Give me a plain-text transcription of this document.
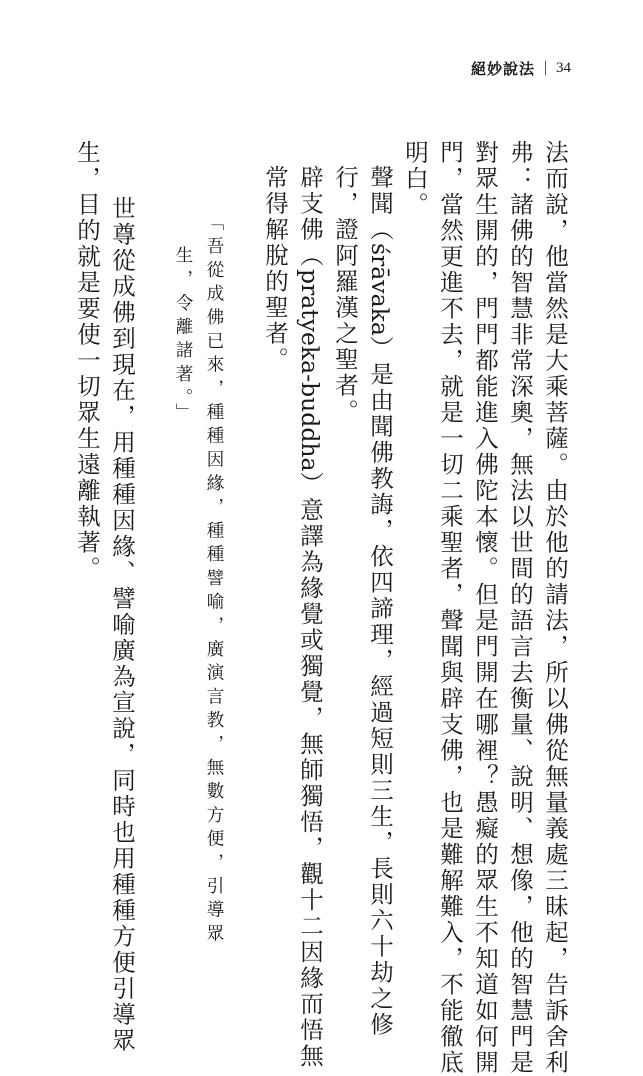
絕妙說法 34
法而說，他當然是大乘菩薩。由於他的請法，所以佛從無量義處三昧起，告訴舍利
弗：諸佛的智慧非常深奧，無法以世間的語言去衡量、說明、想像，他的智慧門是
對眾生開的，門門都能進入佛陀本懷。但是門開在哪裡？愚癡的眾生不知道如何開
門，當然更進不去，就是一切二乘聖者，聲聞與辟支佛，也是難解難入，不能徹底
明白。
聲聞（śrāvaka）是由聞佛教誨，依四諦理，經過短則三生，長則六十劫之修
行，證阿羅漢之聖者。
辟支佛（pratyeka-buddha）意譯為緣覺或獨覺，無師獨悟，觀十二因緣而悟無
常得解脫的聖者。
「吾從成佛已來，種種因緣，種種譬喻，廣演言教，無數方便，引導眾
生，令離諸著。」
世尊從成佛到現在，用種種因緣、譬喻廣為宣說，同時也用種種方便引導眾
生，目的就是要使一切眾生遠離執著。
